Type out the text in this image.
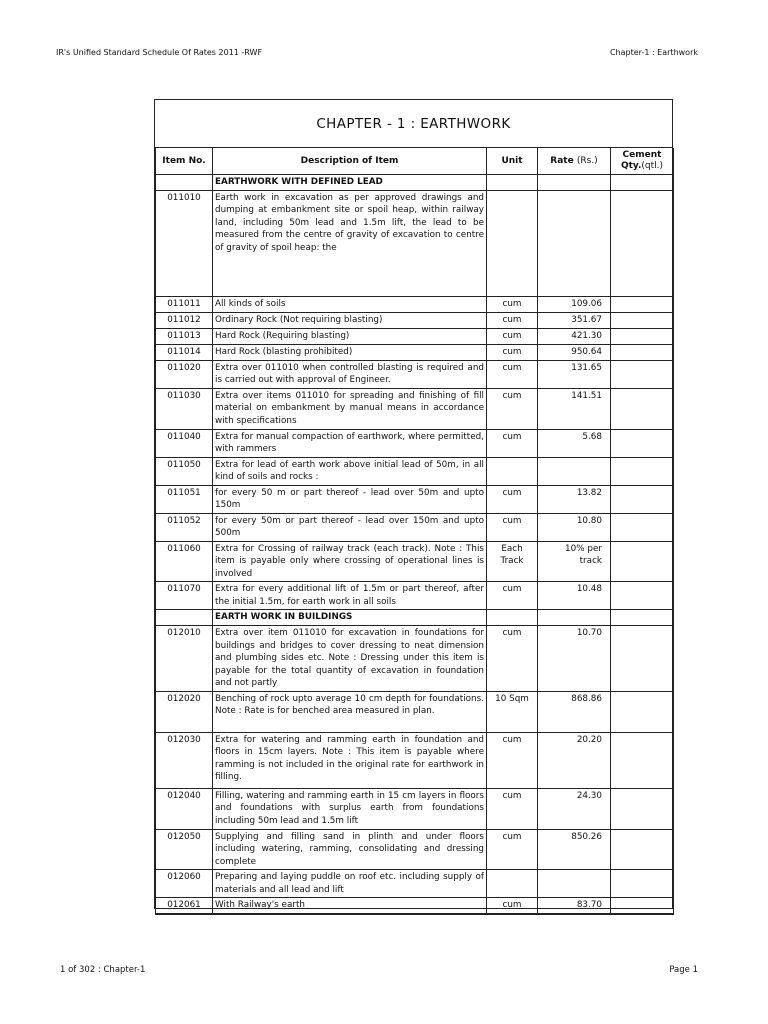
IR's Unified Standard Schedule Of Rates 2011 -RWF	Chapter-1 : Earthwork
CHAPTER - 1 : EARTHWORK
Item No.	Description of Item	Unit	Rate (Rs.)	Cement
Qty.(qtl.)
	EARTHWORK WITH DEFINED LEAD			
011010	Earth work in excavation as per approved drawings and dumping at embankment site or spoil heap, within railway land, including 50m lead and 1.5m lift, the lead to be measured from the centre of gravity of excavation to centre of gravity of spoil heap: the			
011011	All kinds of soils	cum	109.06	
011012	Ordinary Rock (Not requiring blasting)	cum	351.67	
011013	Hard Rock (Requiring blasting)	cum	421.30	
011014	Hard Rock (blasting prohibited)	cum	950.64	
011020	Extra over 011010 when controlled blasting is required and is carried out with approval of Engineer.	cum	131.65	
011030	Extra over items 011010 for spreading and finishing of fill material on embankment by manual means in accordance with specifications	cum	141.51	
011040	Extra for manual compaction of earthwork, where permitted, with rammers	cum	5.68	
011050	Extra for lead of earth work above initial lead of 50m, in all kind of soils and rocks :			
011051	for every 50 m or part thereof - lead over 50m and upto 150m	cum	13.82	
011052	for every 50m or part thereof - lead over 150m and upto 500m	cum	10.80	
011060	Extra for Crossing of railway track (each track). Note : This item is payable only where crossing of operational lines is involved	Each Track	10% per track	
011070	Extra for every additional lift of 1.5m or part thereof, after the initial 1.5m, for earth work in all soils	cum	10.48	
	EARTH WORK IN BUILDINGS			
012010	Extra over item 011010 for excavation in foundations for buildings and bridges to cover dressing to neat dimension and plumbing sides etc. Note : Dressing under this item is payable for the total quantity of excavation in foundation and not partly	cum	10.70	
012020	Benching of rock upto average 10 cm depth for foundations. Note : Rate is for benched area measured in plan.	10 Sqm	868.86	
012030	Extra for watering and ramming earth in foundation and floors in 15cm layers. Note : This item is payable where ramming is not included in the original rate for earthwork in filling.	cum	20.20	
012040	Filling, watering and ramming earth in 15 cm layers in floors and foundations with surplus earth from foundations including 50m lead and 1.5m lift	cum	24.30	
012050	Supplying and filling sand in plinth and under floors including watering, ramming, consolidating and dressing complete	cum	850.26	
012060	Preparing and laying puddle on roof etc. including supply of materials and all lead and lift			
012061	With Railway's earth	cum	83.70	
1 of 302 : Chapter-1	Page 1
